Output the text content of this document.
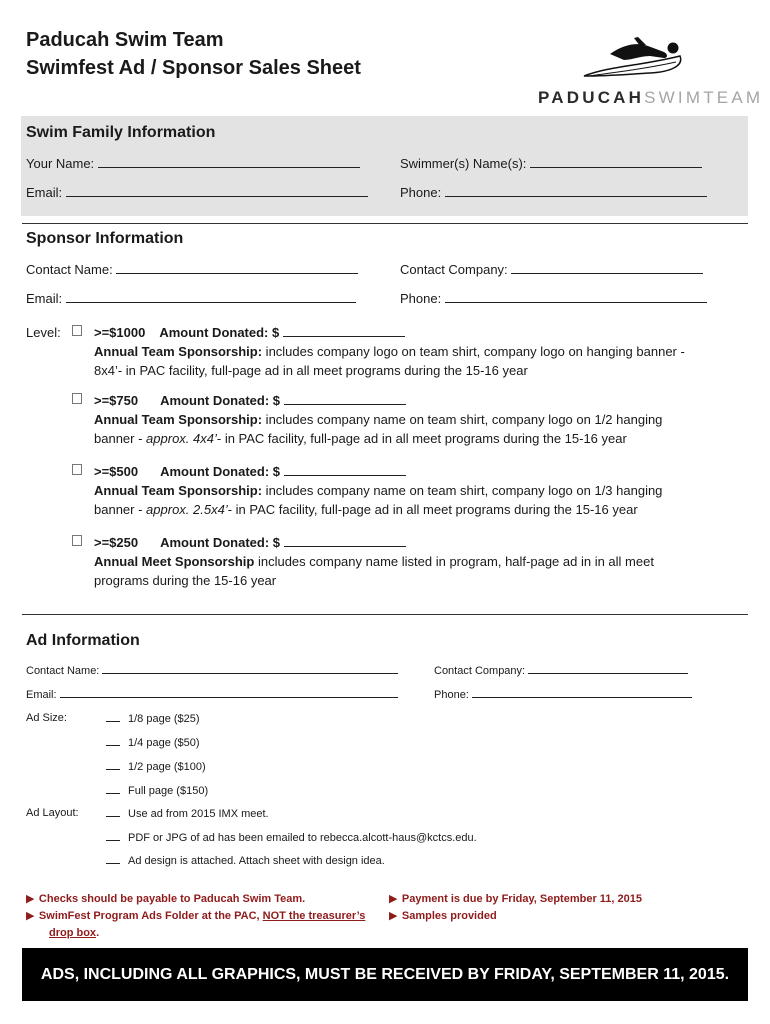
Paducah Swim Team
Swimfest Ad / Sponsor Sales Sheet
PADUCAHSWIMTEAM
Swim Family Information
Your Name:	Swimmer(s) Name(s):
Email:	Phone:
Sponsor Information
Contact Name:	Contact Company:
Email:	Phone:
Level:	>=$1000 Amount Donated: $
Annual Team Sponsorship: includes company logo on team shirt, company logo on hanging banner -
8x4’- in PAC facility, full-page ad in all meet programs during the 15-16 year
>=$750 Amount Donated: $
Annual Team Sponsorship: includes company name on team shirt, company logo on 1/2 hanging
banner - approx. 4x4’- in PAC facility, full-page ad in all meet programs during the 15-16 year
>=$500 Amount Donated: $
Annual Team Sponsorship: includes company name on team shirt, company logo on 1/3 hanging
banner - approx. 2.5x4’- in PAC facility, full-page ad in all meet programs during the 15-16 year
>=$250 Amount Donated: $
Annual Meet Sponsorship includes company name listed in program, half-page ad in in all meet
programs during the 15-16 year
Ad Information
Contact Name:	Contact Company:
Email:	Phone:
Ad Size:	1/8 page ($25)
1/4 page ($50)
1/2 page ($100)
Full page ($150)
Ad Layout:	Use ad from 2015 IMX meet.
PDF or JPG of ad has been emailed to rebecca.alcott-haus@kctcs.edu.
Ad design is attached. Attach sheet with design idea.
▶ Checks should be payable to Paducah Swim Team.
▶ SwimFest Program Ads Folder at the PAC, NOT the treasurer’s
drop box.
▶ Payment is due by Friday, September 11, 2015
▶ Samples provided
ADS, INCLUDING ALL GRAPHICS, MUST BE RECEIVED BY FRIDAY, SEPTEMBER 11, 2015.
